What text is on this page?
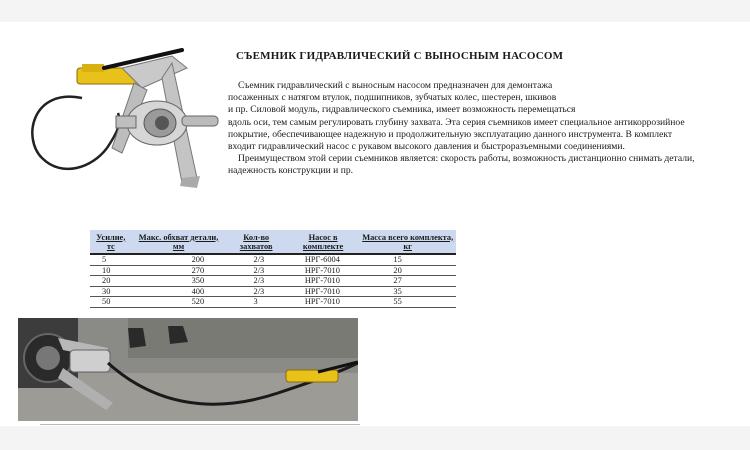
СЪЕМНИК ГИДРАВЛИЧЕСКИЙ С ВЫНОСНЫМ НАСОСОМ

Съемник гидравлический с выносным насосом предназначен для демонтажа

посаженных с натягом втулок, подшипников, зубчатых колес, шестерен, шкивов

и пр. Силовой модуль, гидравлического съемника, имеет возможность перемещаться

вдоль оси, тем самым регулировать глубину захвата. Эта серия съемников имеет специальное антикоррозийное

покрытие, обеспечивающее надежную и продолжительную эксплуатацию данного инструмента. В комплект

входит гидравлический насос с рукавом высокого давления и быстроразъемными соединениями.

Преимуществом этой серии съемников является: скорость работы, возможность дистанционно снимать детали,

надежность конструкции и пр.

Усилие, тс	Макс. обхват детали, мм	Кол-во захватов	Насос в комплекте	Масса всего комплекта, кг
5	200	2/3	НРГ-6004	15
10	270	2/3	НРГ-7010	20
20	350	2/3	НРГ-7010	27
30	400	2/3	НРГ-7010	35
50	520	3	НРГ-7010	55
